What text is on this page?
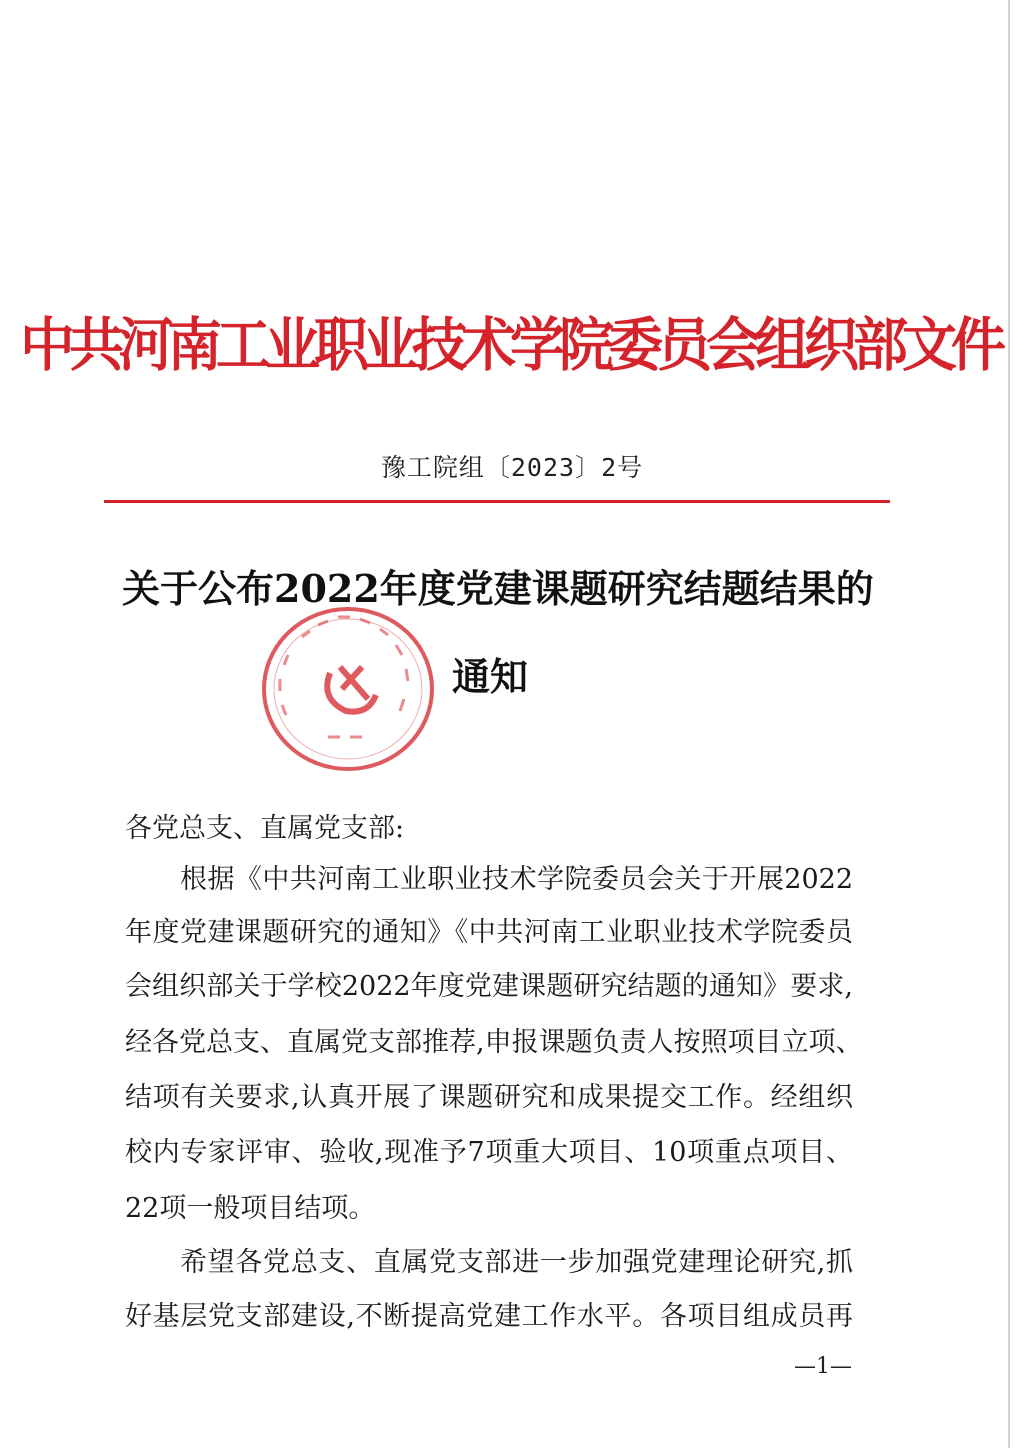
中共河南工业职业技术学院委员会组织部文件
豫工院组〔2023〕2号
关于公布2022年度党建课题研究结题结果的
通知
各党总支、直属党支部:
根据《中共河南工业职业技术学院委员会关于开展2022
年度党建课题研究的通知》《中共河南工业职业技术学院委员
会组织部关于学校2022年度党建课题研究结题的通知》要求,
经各党总支、直属党支部推荐,申报课题负责人按照项目立项、
结项有关要求,认真开展了课题研究和成果提交工作。经组织
校内专家评审、验收,现准予7项重大项目、10项重点项目、
22项一般项目结项。
希望各党总支、直属党支部进一步加强党建理论研究,抓
好基层党支部建设,不断提高党建工作水平。各项目组成员再
—1—
